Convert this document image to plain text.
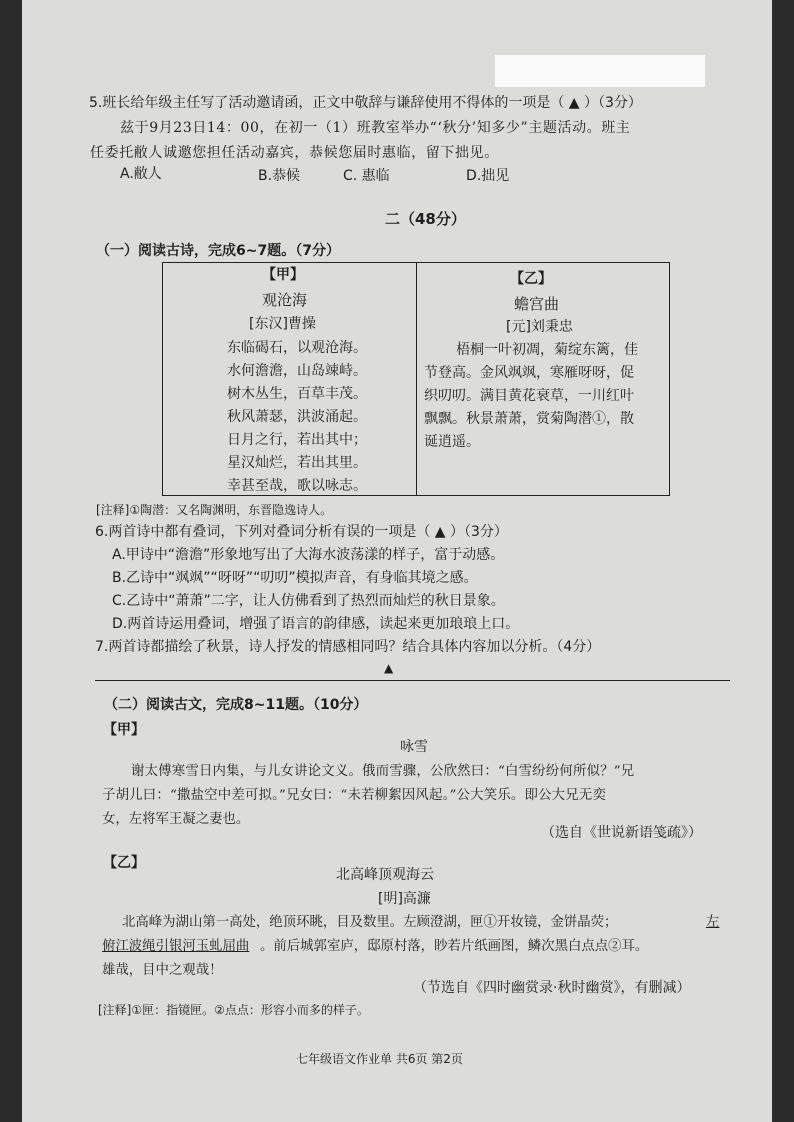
5.班长给年级主任写了活动邀请函，正文中敬辞与谦辞使用不得体的一项是（ ▲ ）（3分）
兹于9月23日14：00，在初一（1）班教室举办“‘秋分’知多少”主题活动。班主
任委托敝人诚邀您担任活动嘉宾，恭候您届时惠临，留下拙见。
A.敝人	B.恭候	C. 惠临	D.拙见
二（48分）
（一）阅读古诗，完成6~7题。（7分）
【甲】
观沧海
[东汉]曹操
东临碣石，以观沧海。
水何澹澹，山岛竦峙。
树木丛生，百草丰茂。
秋风萧瑟，洪波涌起。
日月之行，若出其中；
星汉灿烂，若出其里。
幸甚至哉，歌以咏志。
【乙】
蟾宫曲
[元]刘秉忠
梧桐一叶初凋，菊绽东篱，佳
节登高。金风飒飒，寒雁呀呀，促
织叨叨。满目黄花衰草，一川红叶
飘飘。秋景萧萧，赏菊陶潜①，散
诞逍遥。
[注释]①陶潜：又名陶渊明，东晋隐逸诗人。
6.两首诗中都有叠词，下列对叠词分析有误的一项是（ ▲ ）（3分）
A.甲诗中“澹澹”形象地写出了大海水波荡漾的样子，富于动感。
B.乙诗中“飒飒”“呀呀”“叨叨”模拟声音，有身临其境之感。
C.乙诗中“萧萧”二字，让人仿佛看到了热烈而灿烂的秋日景象。
D.两首诗运用叠词，增强了语言的韵律感，读起来更加琅琅上口。
7.两首诗都描绘了秋景，诗人抒发的情感相同吗？结合具体内容加以分析。（4分）
▲
（二）阅读古文，完成8~11题。（10分）
【甲】
咏雪
谢太傅寒雪日内集，与儿女讲论文义。俄而雪骤，公欣然曰：“白雪纷纷何所似？”兄
子胡儿曰：“撒盐空中差可拟。”兄女曰：“未若柳絮因风起。”公大笑乐。即公大兄无奕
女，左将军王凝之妻也。
（选自《世说新语笺疏》）
【乙】
北高峰顶观海云
[明]高濂
北高峰为湖山第一高处，绝顶环眺，目及数里。左顾澄湖，匣①开妆镜，金饼晶荧；	左
俯江波绳引银河玉虬屈曲 。前后城郭室庐，邸原村落，眇若片纸画图，鳞次黑白点点②耳。
雄哉，目中之观哉！
（节选自《四时幽赏录·秋时幽赏》，有删减）
[注释]①匣：指镜匣。②点点：形容小而多的样子。
七年级语文作业单 共6页 第2页
